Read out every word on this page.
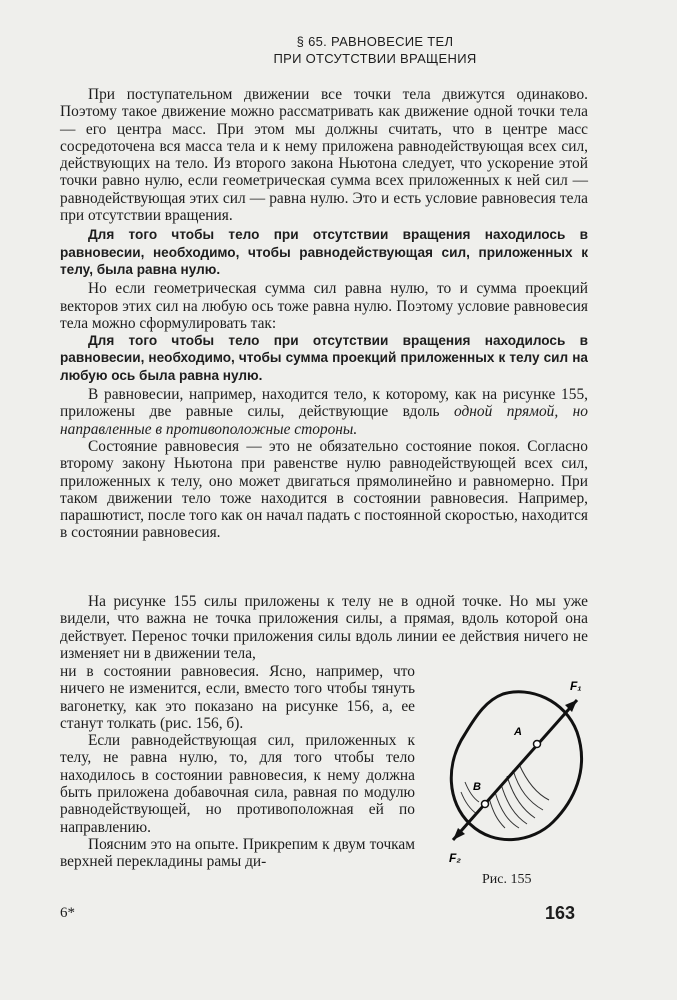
§ 65. РАВНОВЕСИЕ ТЕЛ
ПРИ ОТСУТСТВИИ ВРАЩЕНИЯ

При поступательном движении все точки тела движутся одинаково. Поэтому такое движение можно рассматривать как движение одной точки тела — его центра масс. При этом мы должны считать, что в центре масс сосредоточена вся масса тела и к нему приложена равнодействующая всех сил, действующих на тело. Из второго закона Ньютона следует, что ускорение этой точки равно нулю, если геометрическая сумма всех приложенных к ней сил — равнодействующая этих сил — равна нулю. Это и есть условие равновесия тела при отсутствии вращения.

Для того чтобы тело при отсутствии вращения находилось в равновесии, необходимо, чтобы равнодействующая сил, приложенных к телу, была равна нулю.

Но если геометрическая сумма сил равна нулю, то и сумма проекций векторов этих сил на любую ось тоже равна нулю. Поэтому условие равновесия тела можно сформулировать так:

Для того чтобы тело при отсутствии вращения находилось в равновесии, необходимо, чтобы сумма проекций приложенных к телу сил на любую ось была равна нулю.

В равновесии, например, находится тело, к которому, как на рисунке 155, приложены две равные силы, действующие вдоль одной прямой, но направленные в противоположные стороны.

Состояние равновесия — это не обязательно состояние покоя. Согласно второму закону Ньютона при равенстве нулю равнодействующей всех сил, приложенных к телу, оно может двигаться прямолинейно и равномерно. При таком движении тело тоже находится в состоянии равновесия. Например, парашютист, после того как он начал падать с постоянной скоростью, находится в состоянии равновесия.

На рисунке 155 силы приложены к телу не в одной точке. Но мы уже видели, что важна не точка приложения силы, а прямая, вдоль которой она действует. Перенос точки приложения силы вдоль линии ее действия ничего не изменяет ни в движении тела,

ни в состоянии равновесия. Ясно, например, что ничего не изменится, если, вместо того чтобы тянуть вагонетку, как это показано на рисунке 156, а, ее станут толкать (рис. 156, б).

Если равнодействующая сил, приложенных к телу, не равна нулю, то, для того чтобы тело находилось в состоянии равновесия, к нему должна быть приложена добавочная сила, равная по модулю равнодействующей, но противоположная ей по направлению.

Поясним это на опыте. Прикрепим к двум точкам верхней перекладины рамы ди-

A
B
F₁
F₂
Рис. 155
6*	163
